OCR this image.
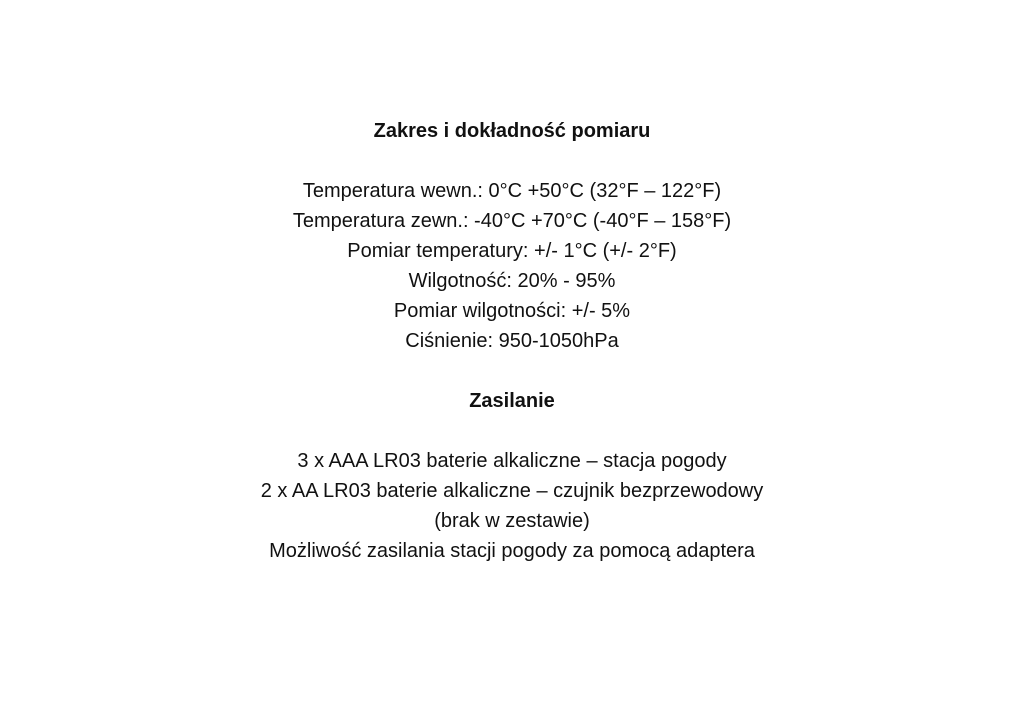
Zakres i dokładność pomiaru

Temperatura wewn.: 0°C +50°C (32°F – 122°F)

Temperatura zewn.: -40°C +70°C (-40°F – 158°F)

Pomiar temperatury: +/- 1°C (+/- 2°F)

Wilgotność: 20% - 95%

Pomiar wilgotności: +/- 5%

Ciśnienie: 950-1050hPa

Zasilanie

3 x AAA LR03 baterie alkaliczne – stacja pogody

2 x AA LR03 baterie alkaliczne – czujnik bezprzewodowy

(brak w zestawie)

Możliwość zasilania stacji pogody za pomocą adaptera
